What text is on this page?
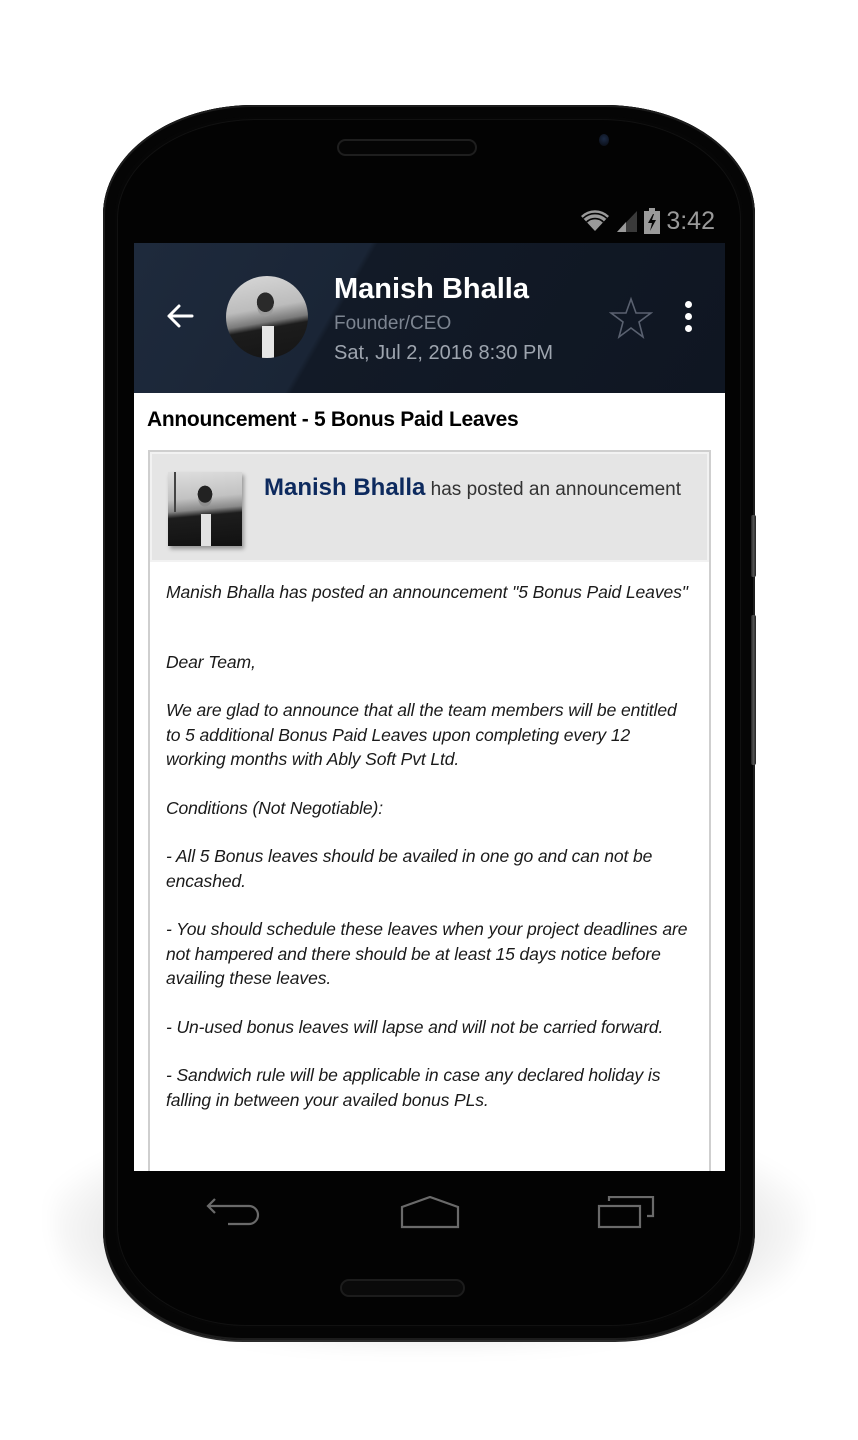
3:42
Manish Bhalla
Founder/CEO
Sat, Jul 2, 2016 8:30 PM
Announcement - 5 Bonus Paid Leaves
Manish Bhalla has posted an announcement

Manish Bhalla has posted an announcement "5 Bonus Paid Leaves"

Dear Team,

We are glad to announce that all the team members will be entitled to 5 additional Bonus Paid Leaves upon completing every 12 working months with Ably Soft Pvt Ltd.

Conditions (Not Negotiable):

- All 5 Bonus leaves should be availed in one go and can not be encashed.

- You should schedule these leaves when your project deadlines are not hampered and there should be at least 15 days notice before availing these leaves.

- Un-used bonus leaves will lapse and will not be carried forward.

- Sandwich rule will be applicable in case any declared holiday is falling in between your availed bonus PLs.
